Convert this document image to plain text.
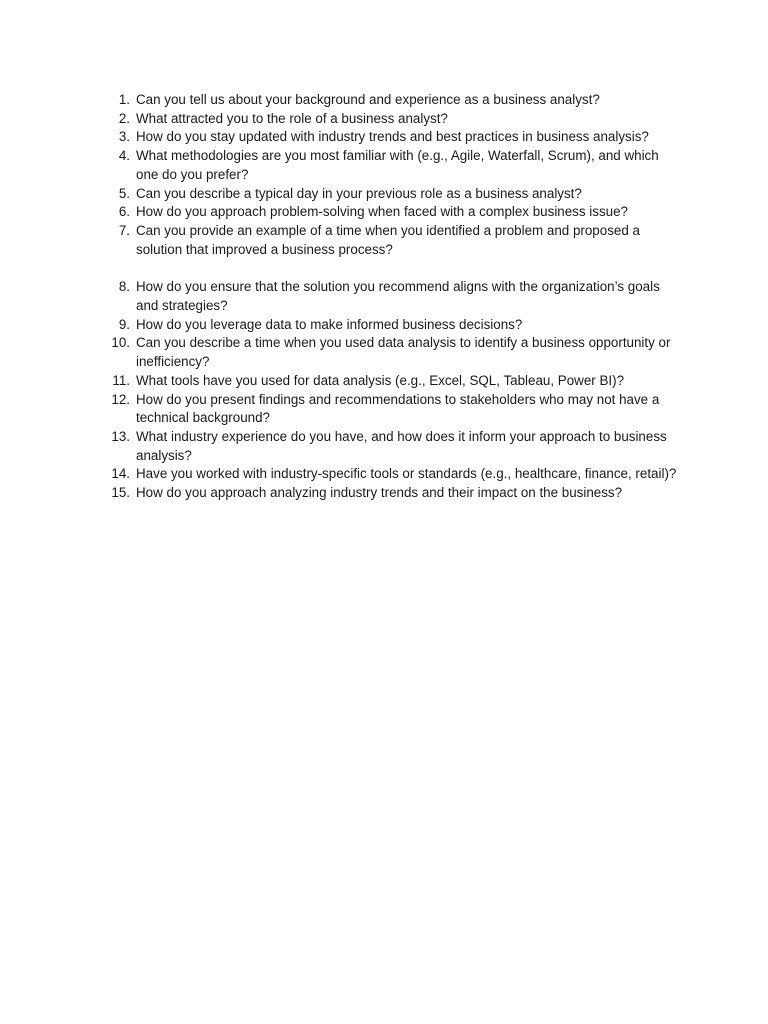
1. Can you tell us about your background and experience as a business analyst?
2. What attracted you to the role of a business analyst?
3. How do you stay updated with industry trends and best practices in business analysis?
4. What methodologies are you most familiar with (e.g., Agile, Waterfall, Scrum), and which one do you prefer?
5. Can you describe a typical day in your previous role as a business analyst?
6. How do you approach problem-solving when faced with a complex business issue?
7. Can you provide an example of a time when you identified a problem and proposed a solution that improved a business process?
8. How do you ensure that the solution you recommend aligns with the organization’s goals and strategies?
9. How do you leverage data to make informed business decisions?
10. Can you describe a time when you used data analysis to identify a business opportunity or inefficiency?
11. What tools have you used for data analysis (e.g., Excel, SQL, Tableau, Power BI)?
12. How do you present findings and recommendations to stakeholders who may not have a technical background?
13. What industry experience do you have, and how does it inform your approach to business analysis?
14. Have you worked with industry-specific tools or standards (e.g., healthcare, finance, retail)?
15. How do you approach analyzing industry trends and their impact on the business?
